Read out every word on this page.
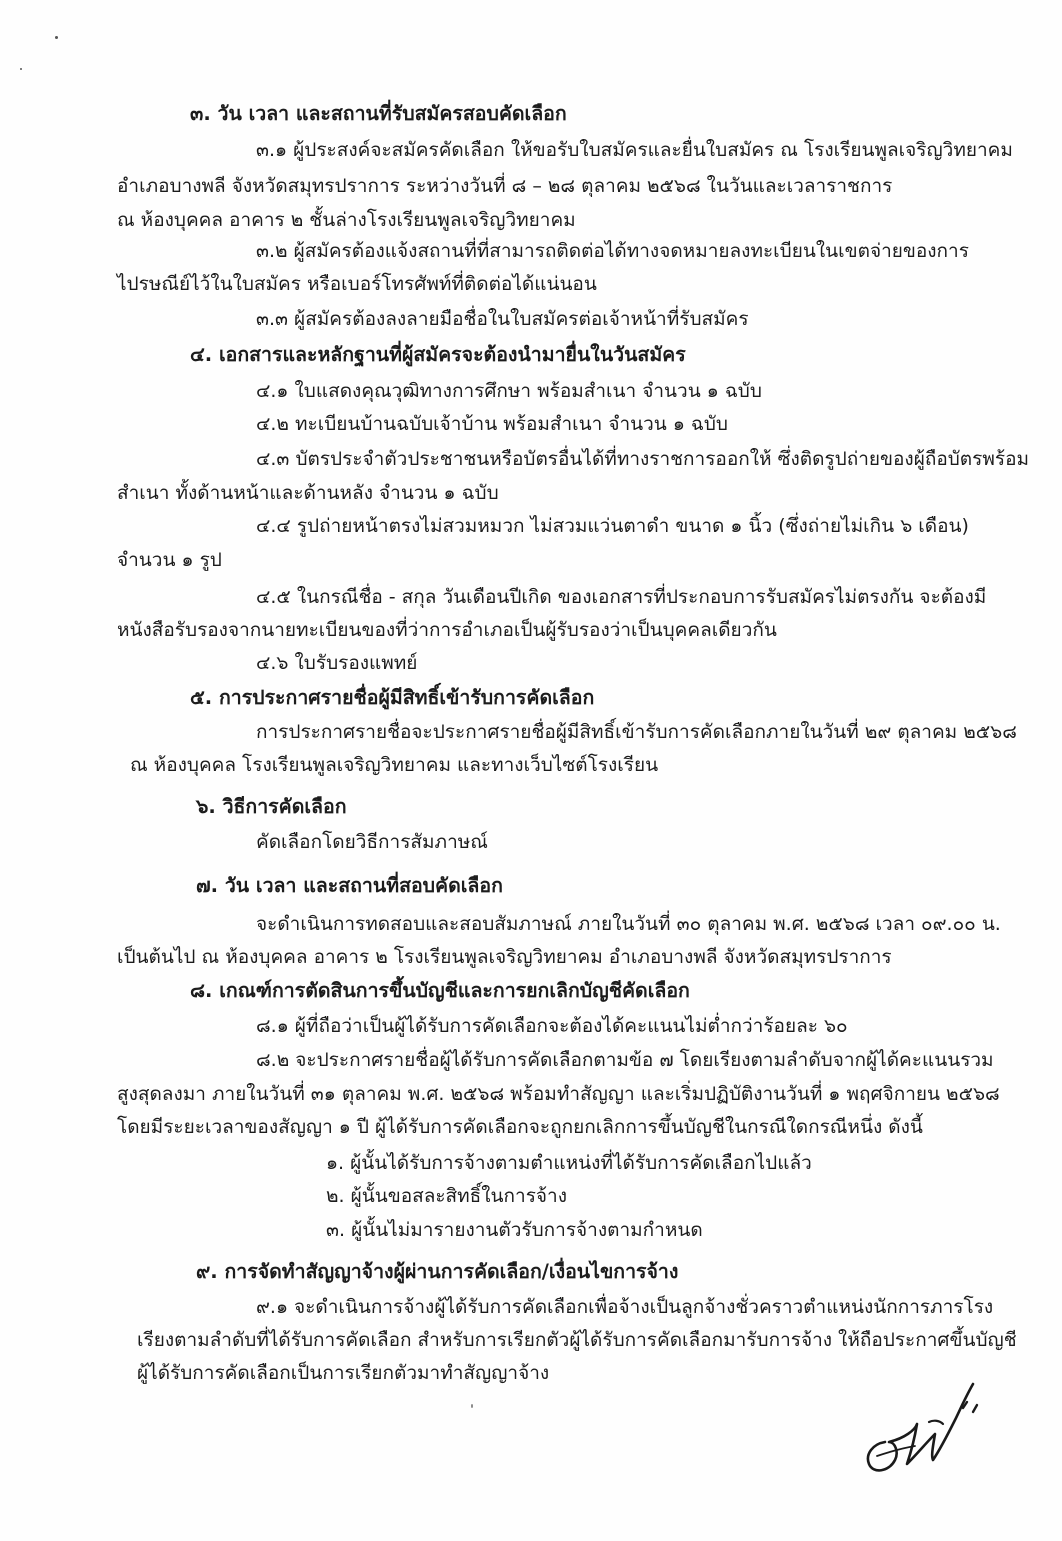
๓. วัน เวลา และสถานที่รับสมัครสอบคัดเลือก
๓.๑ ผู้ประสงค์จะสมัครคัดเลือก ให้ขอรับใบสมัครและยื่นใบสมัคร ณ โรงเรียนพูลเจริญวิทยาคม
อำเภอบางพลี จังหวัดสมุทรปราการ ระหว่างวันที่ ๘ – ๒๘ ตุลาคม ๒๕๖๘ ในวันและเวลาราชการ
ณ ห้องบุคคล อาคาร ๒ ชั้นล่างโรงเรียนพูลเจริญวิทยาคม
๓.๒ ผู้สมัครต้องแจ้งสถานที่ที่สามารถติดต่อได้ทางจดหมายลงทะเบียนในเขตจ่ายของการ
ไปรษณีย์ไว้ในใบสมัคร หรือเบอร์โทรศัพท์ที่ติดต่อได้แน่นอน
๓.๓ ผู้สมัครต้องลงลายมือชื่อในใบสมัครต่อเจ้าหน้าที่รับสมัคร
๔. เอกสารและหลักฐานที่ผู้สมัครจะต้องนำมายื่นในวันสมัคร
๔.๑ ใบแสดงคุณวุฒิทางการศึกษา พร้อมสำเนา จำนวน ๑ ฉบับ
๔.๒ ทะเบียนบ้านฉบับเจ้าบ้าน พร้อมสำเนา จำนวน ๑ ฉบับ
๔.๓ บัตรประจำตัวประชาชนหรือบัตรอื่นได้ที่ทางราชการออกให้ ซึ่งติดรูปถ่ายของผู้ถือบัตรพร้อม
สำเนา ทั้งด้านหน้าและด้านหลัง จำนวน ๑ ฉบับ
๔.๔ รูปถ่ายหน้าตรงไม่สวมหมวก ไม่สวมแว่นตาดำ ขนาด ๑ นิ้ว (ซึ่งถ่ายไม่เกิน ๖ เดือน)
จำนวน ๑ รูป
๔.๕ ในกรณีชื่อ - สกุล วันเดือนปีเกิด ของเอกสารที่ประกอบการรับสมัครไม่ตรงกัน จะต้องมี
หนังสือรับรองจากนายทะเบียนของที่ว่าการอำเภอเป็นผู้รับรองว่าเป็นบุคคลเดียวกัน
๔.๖ ใบรับรองแพทย์
๕. การประกาศรายชื่อผู้มีสิทธิ์เข้ารับการคัดเลือก
การประกาศรายชื่อจะประกาศรายชื่อผู้มีสิทธิ์เข้ารับการคัดเลือกภายในวันที่ ๒๙ ตุลาคม ๒๕๖๘
ณ ห้องบุคคล โรงเรียนพูลเจริญวิทยาคม และทางเว็บไซต์โรงเรียน
๖. วิธีการคัดเลือก
คัดเลือกโดยวิธีการสัมภาษณ์
๗. วัน เวลา และสถานที่สอบคัดเลือก
จะดำเนินการทดสอบและสอบสัมภาษณ์ ภายในวันที่ ๓๐ ตุลาคม พ.ศ. ๒๕๖๘ เวลา ๐๙.๐๐ น.
เป็นต้นไป ณ ห้องบุคคล อาคาร ๒ โรงเรียนพูลเจริญวิทยาคม อำเภอบางพลี จังหวัดสมุทรปราการ
๘. เกณฑ์การตัดสินการขึ้นบัญชีและการยกเลิกบัญชีคัดเลือก
๘.๑ ผู้ที่ถือว่าเป็นผู้ได้รับการคัดเลือกจะต้องได้คะแนนไม่ต่ำกว่าร้อยละ ๖๐
๘.๒ จะประกาศรายชื่อผู้ได้รับการคัดเลือกตามข้อ ๗ โดยเรียงตามลำดับจากผู้ได้คะแนนรวม
สูงสุดลงมา ภายในวันที่ ๓๑ ตุลาคม พ.ศ. ๒๕๖๘ พร้อมทำสัญญา และเริ่มปฏิบัติงานวันที่ ๑ พฤศจิกายน ๒๕๖๘
โดยมีระยะเวลาของสัญญา ๑ ปี ผู้ได้รับการคัดเลือกจะถูกยกเลิกการขึ้นบัญชีในกรณีใดกรณีหนึ่ง ดังนี้
๑. ผู้นั้นได้รับการจ้างตามตำแหน่งที่ได้รับการคัดเลือกไปแล้ว
๒. ผู้นั้นขอสละสิทธิ์ในการจ้าง
๓. ผู้นั้นไม่มารายงานตัวรับการจ้างตามกำหนด
๙. การจัดทำสัญญาจ้างผู้ผ่านการคัดเลือก/เงื่อนไขการจ้าง
๙.๑ จะดำเนินการจ้างผู้ได้รับการคัดเลือกเพื่อจ้างเป็นลูกจ้างชั่วคราวตำแหน่งนักการภารโรง
เรียงตามลำดับที่ได้รับการคัดเลือก สำหรับการเรียกตัวผู้ได้รับการคัดเลือกมารับการจ้าง ให้ถือประกาศขึ้นบัญชี
ผู้ได้รับการคัดเลือกเป็นการเรียกตัวมาทำสัญญาจ้าง
